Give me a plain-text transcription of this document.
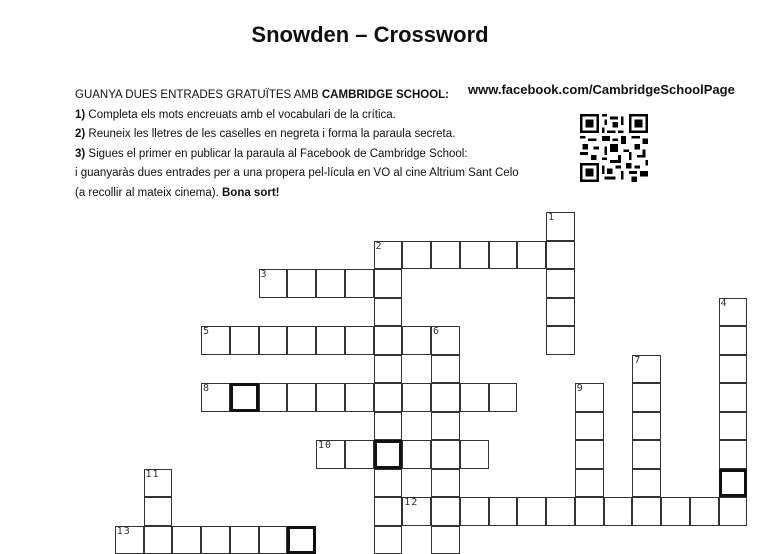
Snowden – Crossword
www.facebook.com/CambridgeSchoolPage
GUANYA DUES ENTRADES GRATUÏTES AMB CAMBRIDGE SCHOOL:
1) Completa els mots encreuats amb el vocabulari de la crítica.
2) Reuneix les lletres de les caselles en negreta i forma la paraula secreta.
3) Sigues el primer en publicar la paraula al Facebook de Cambridge School:
i guanyaràs dues entrades per a una propera pel-lícula en VO al cine Altrium Sant Celo
(a recollir al mateix cinema). Bona sort!
1
2
3
4
5	6
7
8	9
10
11
12
13
